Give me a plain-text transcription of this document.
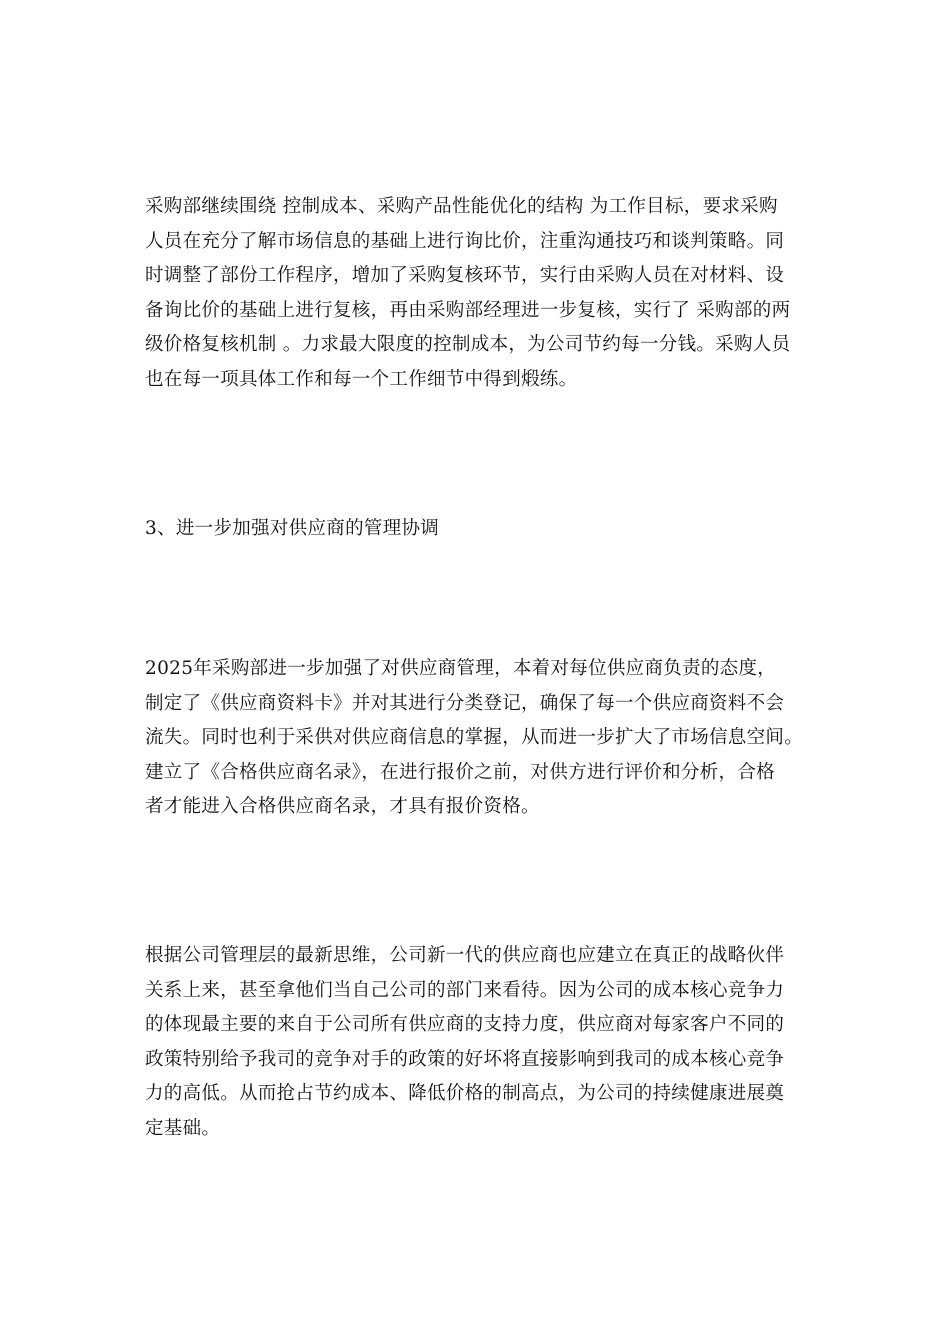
采购部继续围绕 控制成本、采购产品性能优化的结构 为工作目标，要求采购
人员在充分了解市场信息的基础上进行询比价，注重沟通技巧和谈判策略。同
时调整了部份工作程序，增加了采购复核环节，实行由采购人员在对材料、设
备询比价的基础上进行复核，再由采购部经理进一步复核，实行了 采购部的两
级价格复核机制 。力求最大限度的控制成本，为公司节约每一分钱。采购人员
也在每一项具体工作和每一个工作细节中得到煅练。

3、进一步加强对供应商的管理协调

2025年采购部进一步加强了对供应商管理，本着对每位供应商负责的态度，
制定了《供应商资料卡》并对其进行分类登记，确保了每一个供应商资料不会
流失。同时也利于采供对供应商信息的掌握，从而进一步扩大了市场信息空间。
建立了《合格供应商名录》，在进行报价之前，对供方进行评价和分析，合格
者才能进入合格供应商名录，才具有报价资格。

根据公司管理层的最新思维，公司新一代的供应商也应建立在真正的战略伙伴
关系上来，甚至拿他们当自己公司的部门来看待。因为公司的成本核心竞争力
的体现最主要的来自于公司所有供应商的支持力度，供应商对每家客户不同的
政策特别给予我司的竞争对手的政策的好坏将直接影响到我司的成本核心竞争
力的高低。从而抢占节约成本、降低价格的制高点，为公司的持续健康进展奠
定基础。
